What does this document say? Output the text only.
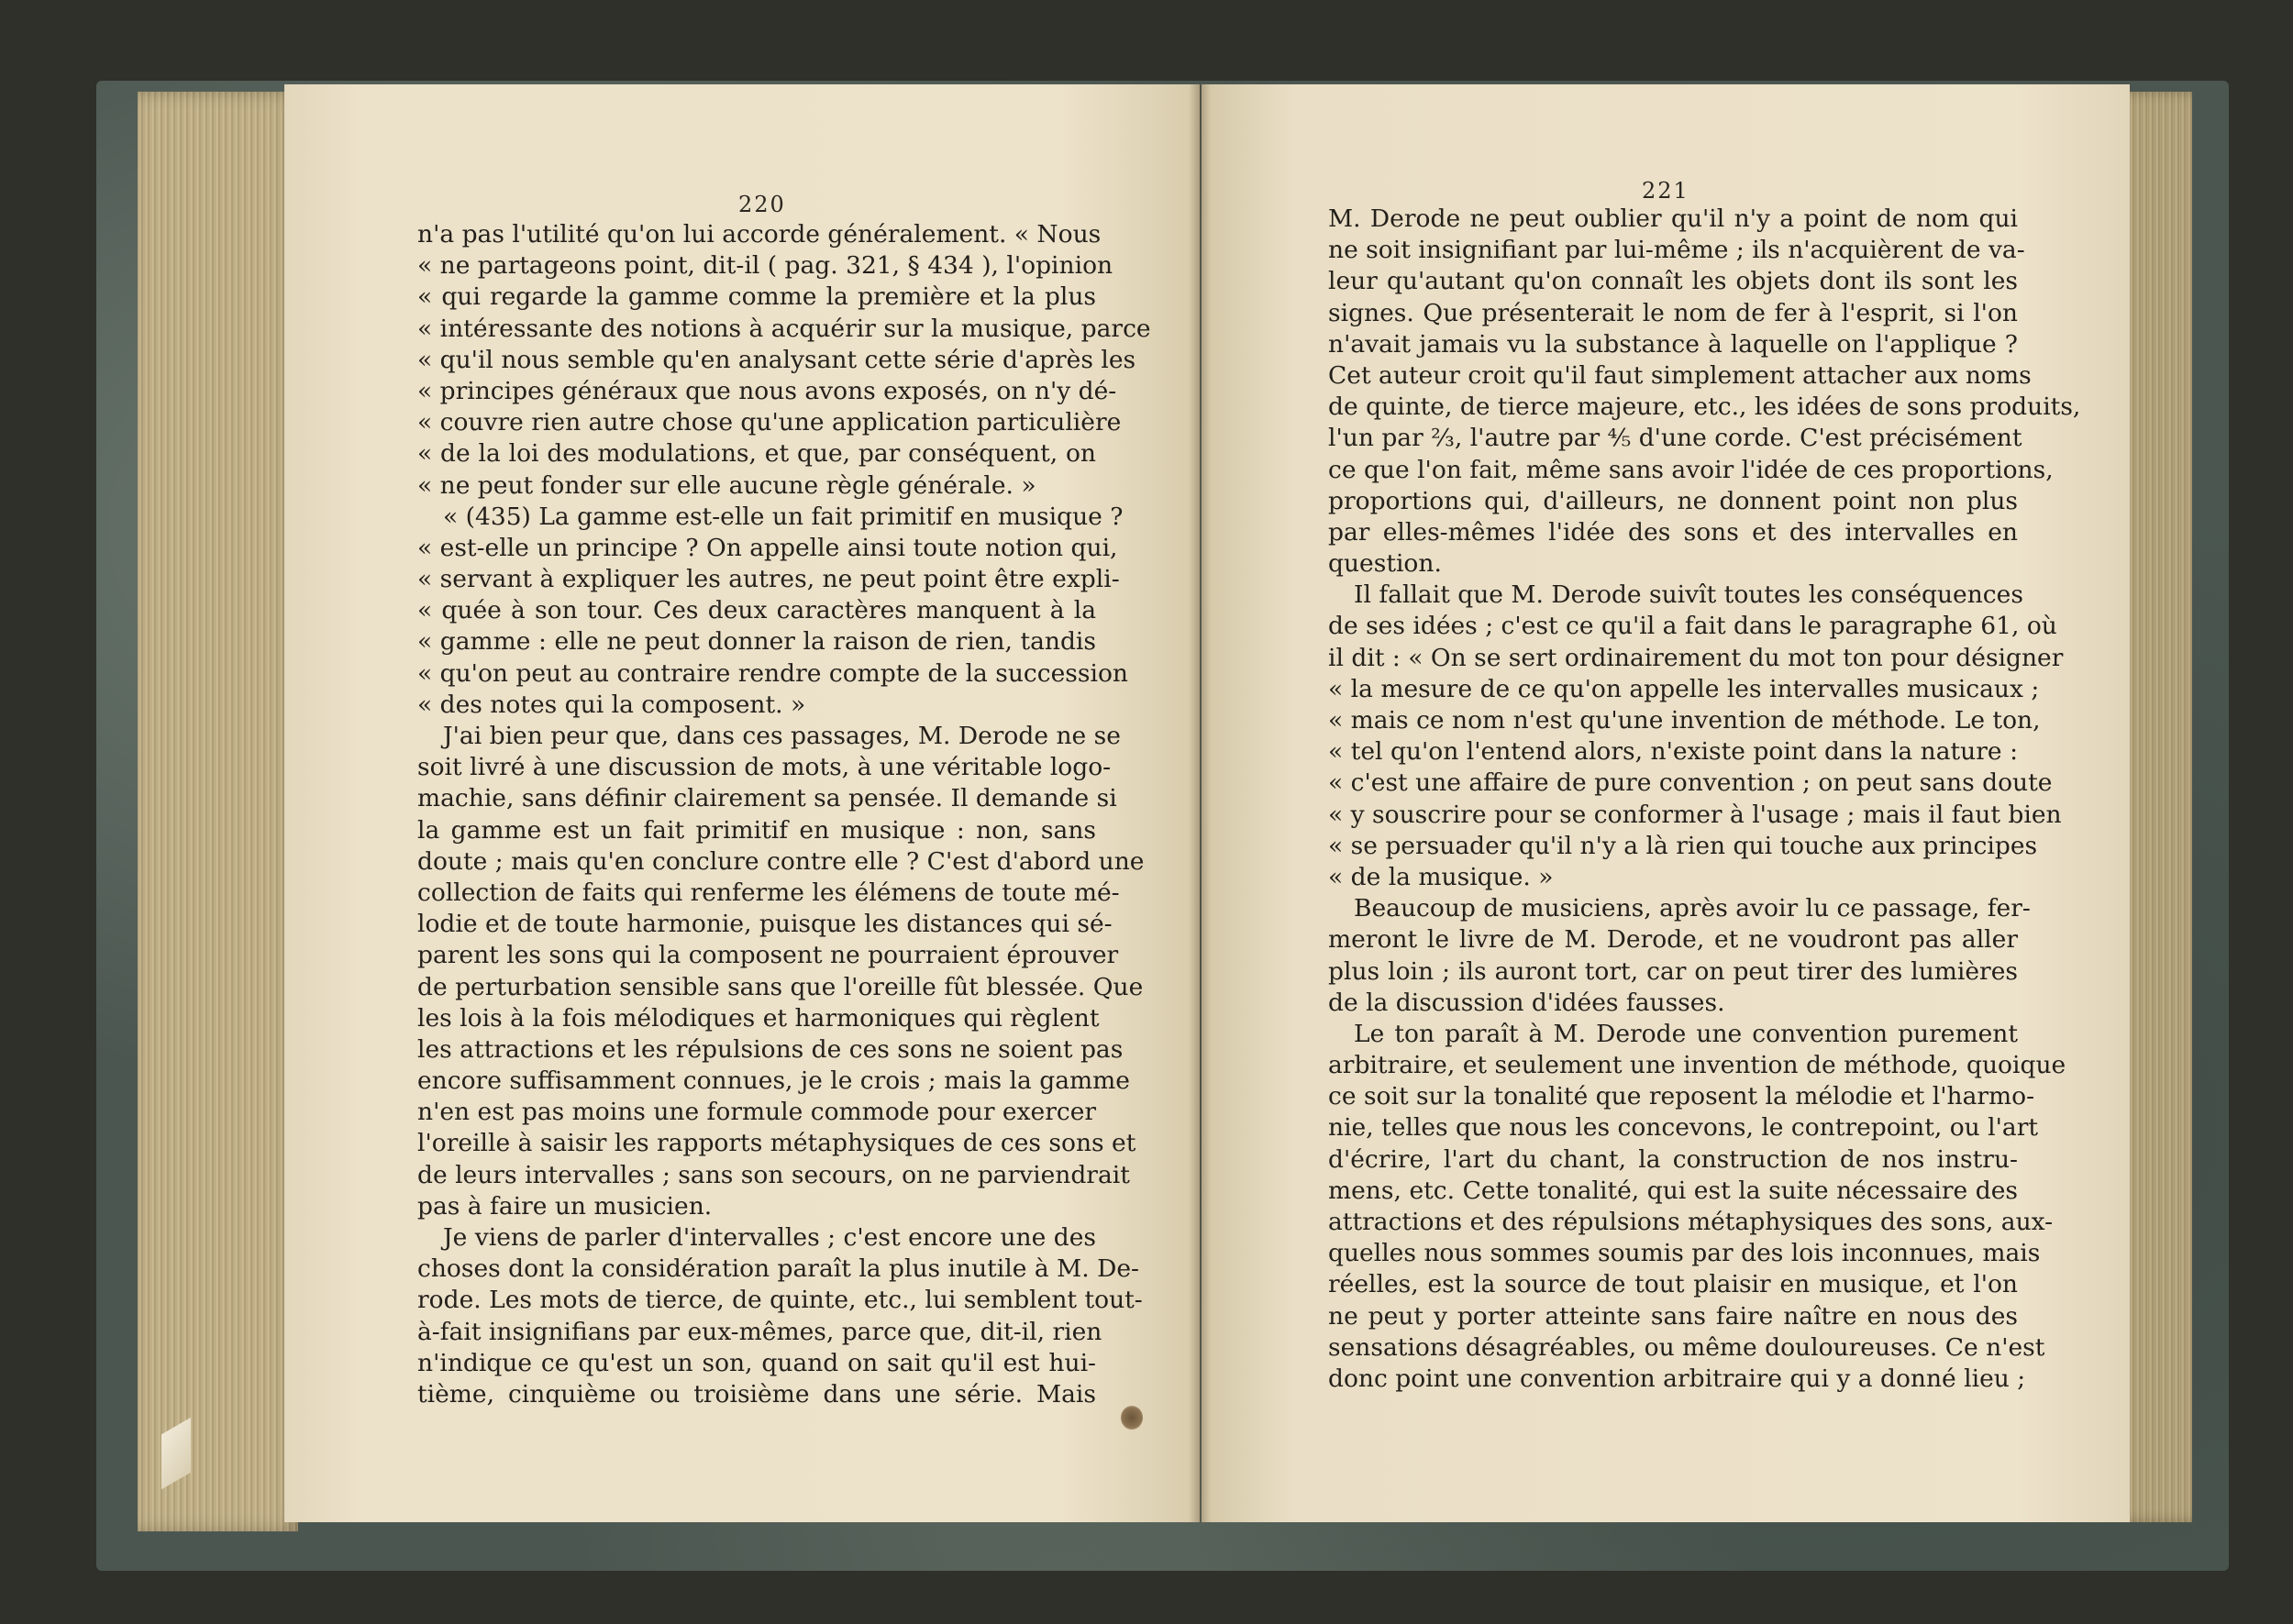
220
n'a pas l'utilité qu'on lui accorde généralement. « Nous
« ne partageons point, dit-il ( pag. 321, § 434 ), l'opinion
« qui regarde la gamme comme la première et la plus
« intéressante des notions à acquérir sur la musique, parce
« qu'il nous semble qu'en analysant cette série d'après les
« principes généraux que nous avons exposés, on n'y dé-
« couvre rien autre chose qu'une application particulière
« de la loi des modulations, et que, par conséquent, on
« ne peut fonder sur elle aucune règle générale. »
« (435) La gamme est-elle un fait primitif en musique ?
« est-elle un principe ? On appelle ainsi toute notion qui,
« servant à expliquer les autres, ne peut point être expli-
« quée à son tour. Ces deux caractères manquent à la
« gamme : elle ne peut donner la raison de rien, tandis
« qu'on peut au contraire rendre compte de la succession
« des notes qui la composent. »
J'ai bien peur que, dans ces passages, M. Derode ne se
soit livré à une discussion de mots, à une véritable logo-
machie, sans définir clairement sa pensée. Il demande si
la gamme est un fait primitif en musique : non, sans
doute ; mais qu'en conclure contre elle ? C'est d'abord une
collection de faits qui renferme les élémens de toute mé-
lodie et de toute harmonie, puisque les distances qui sé-
parent les sons qui la composent ne pourraient éprouver
de perturbation sensible sans que l'oreille fût blessée. Que
les lois à la fois mélodiques et harmoniques qui règlent
les attractions et les répulsions de ces sons ne soient pas
encore suffisamment connues, je le crois ; mais la gamme
n'en est pas moins une formule commode pour exercer
l'oreille à saisir les rapports métaphysiques de ces sons et
de leurs intervalles ; sans son secours, on ne parviendrait
pas à faire un musicien.
Je viens de parler d'intervalles ; c'est encore une des
choses dont la considération paraît la plus inutile à M. De-
rode. Les mots de tierce, de quinte, etc., lui semblent tout-
à-fait insignifians par eux-mêmes, parce que, dit-il, rien
n'indique ce qu'est un son, quand on sait qu'il est hui-
tième, cinquième ou troisième dans une série. Mais
221
M. Derode ne peut oublier qu'il n'y a point de nom qui
ne soit insignifiant par lui-même ; ils n'acquièrent de va-
leur qu'autant qu'on connaît les objets dont ils sont les
signes. Que présenterait le nom de fer à l'esprit, si l'on
n'avait jamais vu la substance à laquelle on l'applique ?
Cet auteur croit qu'il faut simplement attacher aux noms
de quinte, de tierce majeure, etc., les idées de sons produits,
l'un par ⅔, l'autre par ⅘ d'une corde. C'est précisément
ce que l'on fait, même sans avoir l'idée de ces proportions,
proportions qui, d'ailleurs, ne donnent point non plus
par elles-mêmes l'idée des sons et des intervalles en
question.
Il fallait que M. Derode suivît toutes les conséquences
de ses idées ; c'est ce qu'il a fait dans le paragraphe 61, où
il dit : « On se sert ordinairement du mot ton pour désigner
« la mesure de ce qu'on appelle les intervalles musicaux ;
« mais ce nom n'est qu'une invention de méthode. Le ton,
« tel qu'on l'entend alors, n'existe point dans la nature :
« c'est une affaire de pure convention ; on peut sans doute
« y souscrire pour se conformer à l'usage ; mais il faut bien
« se persuader qu'il n'y a là rien qui touche aux principes
« de la musique. »
Beaucoup de musiciens, après avoir lu ce passage, fer-
meront le livre de M. Derode, et ne voudront pas aller
plus loin ; ils auront tort, car on peut tirer des lumières
de la discussion d'idées fausses.
Le ton paraît à M. Derode une convention purement
arbitraire, et seulement une invention de méthode, quoique
ce soit sur la tonalité que reposent la mélodie et l'harmo-
nie, telles que nous les concevons, le contrepoint, ou l'art
d'écrire, l'art du chant, la construction de nos instru-
mens, etc. Cette tonalité, qui est la suite nécessaire des
attractions et des répulsions métaphysiques des sons, aux-
quelles nous sommes soumis par des lois inconnues, mais
réelles, est la source de tout plaisir en musique, et l'on
ne peut y porter atteinte sans faire naître en nous des
sensations désagréables, ou même douloureuses. Ce n'est
donc point une convention arbitraire qui y a donné lieu ;
